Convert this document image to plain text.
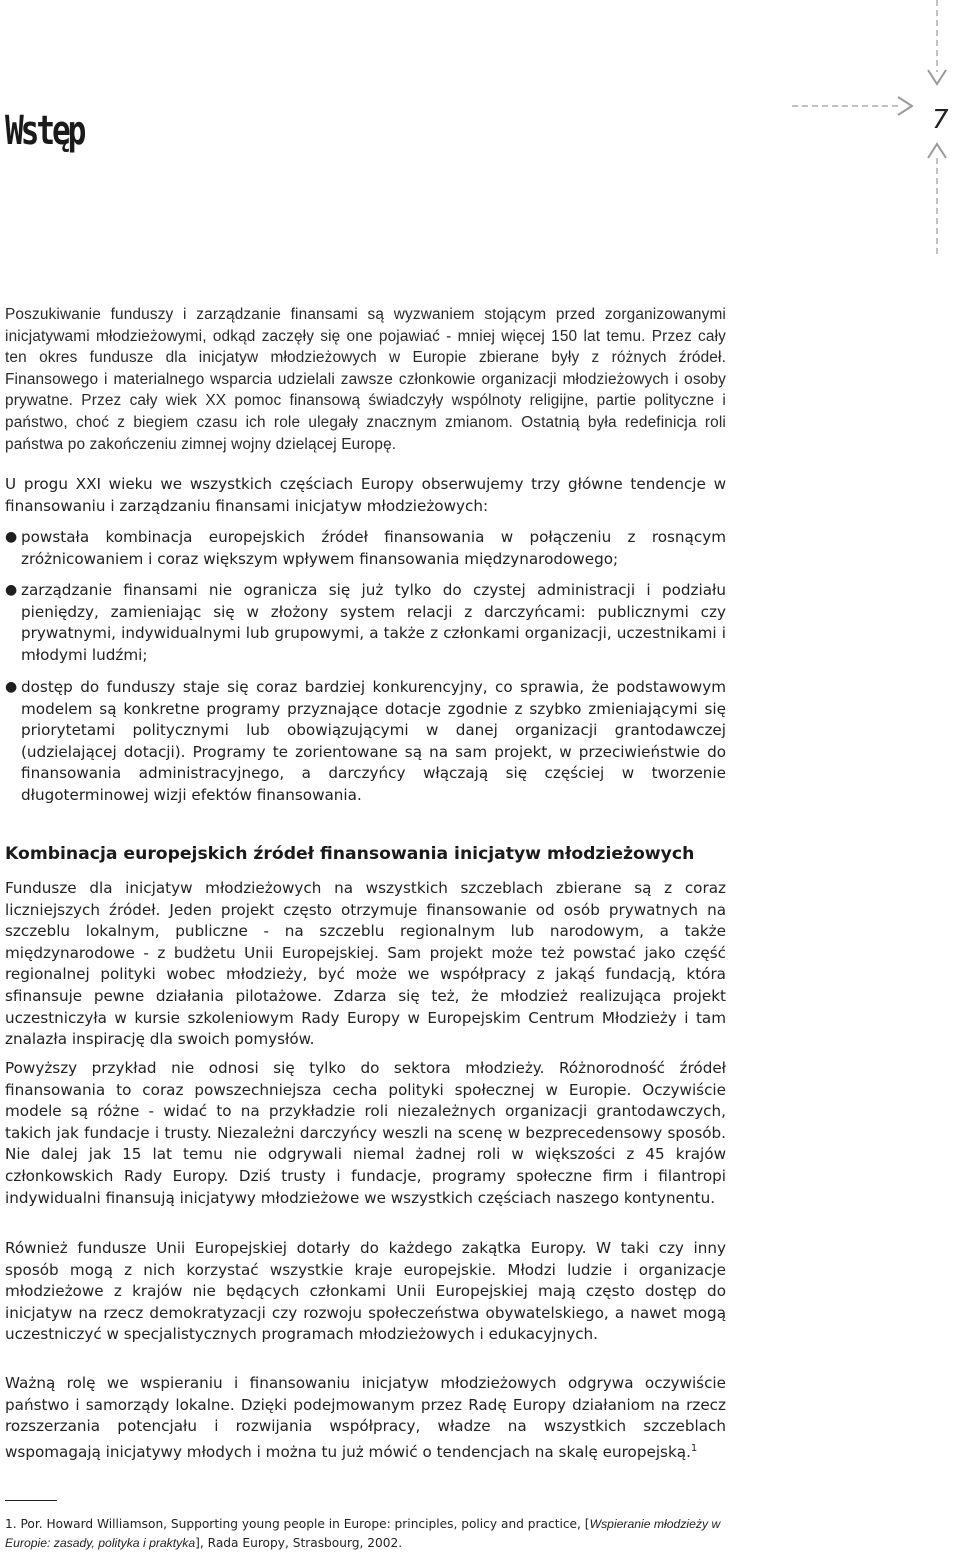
Wstęp	7

Poszukiwanie funduszy i zarządzanie finansami są wyzwaniem stojącym przed zorganizowanymi inicjatywami młodzieżowymi, odkąd zaczęły się one pojawiać - mniej więcej 150 lat temu. Przez cały ten okres fundusze dla inicjatyw młodzieżowych w Europie zbierane były z różnych źródeł. Finansowego i materialnego wsparcia udzielali zawsze członkowie organizacji młodzieżowych i osoby prywatne. Przez cały wiek XX pomoc finansową świadczyły wspólnoty religijne, partie polityczne i państwo, choć z biegiem czasu ich role ulegały znacznym zmianom. Ostatnią była redefinicja roli państwa po zakończeniu zimnej wojny dzielącej Europę.

U progu XXI wieku we wszystkich częściach Europy obserwujemy trzy główne tendencje w finansowaniu i zarządzaniu finansami inicjatyw młodzieżowych:

● powstała kombinacja europejskich źródeł finansowania w połączeniu z rosnącym zróżnicowaniem i coraz większym wpływem finansowania międzynarodowego;
● zarządzanie finansami nie ogranicza się już tylko do czystej administracji i podziału pieniędzy, zamieniając się w złożony system relacji z darczyńcami: publicznymi czy prywatnymi, indywidualnymi lub grupowymi, a także z członkami organizacji, uczestnikami i młodymi ludźmi;
● dostęp do funduszy staje się coraz bardziej konkurencyjny, co sprawia, że podstawowym modelem są konkretne programy przyznające dotacje zgodnie z szybko zmieniającymi się priorytetami politycznymi lub obowiązującymi w danej organizacji grantodawczej (udzielającej dotacji). Programy te zorientowane są na sam projekt, w przeciwieństwie do finansowania administracyjnego, a darczyńcy włączają się częściej w tworzenie długoterminowej wizji efektów finansowania.
Kombinacja europejskich źródeł finansowania inicjatyw młodzieżowych

Fundusze dla inicjatyw młodzieżowych na wszystkich szczeblach zbierane są z coraz liczniejszych źródeł. Jeden projekt często otrzymuje finansowanie od osób prywatnych na szczeblu lokalnym, publiczne - na szczeblu regionalnym lub narodowym, a także międzynarodowe - z budżetu Unii Europejskiej. Sam projekt może też powstać jako część regionalnej polityki wobec młodzieży, być może we współpracy z jakąś fundacją, która sfinansuje pewne działania pilotażowe. Zdarza się też, że młodzież realizująca projekt uczestniczyła w kursie szkoleniowym Rady Europy w Europejskim Centrum Młodzieży i tam znalazła inspirację dla swoich pomysłów.

Powyższy przykład nie odnosi się tylko do sektora młodzieży. Różnorodność źródeł finansowania to coraz powszechniejsza cecha polityki społecznej w Europie. Oczywiście modele są różne - widać to na przykładzie roli niezależnych organizacji grantodawczych, takich jak fundacje i trusty. Niezależni darczyńcy weszli na scenę w bezprecedensowy sposób. Nie dalej jak 15 lat temu nie odgrywali niemal żadnej roli w większości z 45 krajów członkowskich Rady Europy. Dziś trusty i fundacje, programy społeczne firm i filantropi indywidualni finansują inicjatywy młodzieżowe we wszystkich częściach naszego kontynentu.

Również fundusze Unii Europejskiej dotarły do każdego zakątka Europy. W taki czy inny sposób mogą z nich korzystać wszystkie kraje europejskie. Młodzi ludzie i organizacje młodzieżowe z krajów nie będących członkami Unii Europejskiej mają często dostęp do inicjatyw na rzecz demokratyzacji czy rozwoju społeczeństwa obywatelskiego, a nawet mogą uczestniczyć w specjalistycznych programach młodzieżowych i edukacyjnych.

Ważną rolę we wspieraniu i finansowaniu inicjatyw młodzieżowych odgrywa oczywiście państwo i samorządy lokalne. Dzięki podejmowanym przez Radę Europy działaniom na rzecz rozszerzania potencjału i rozwijania współpracy, władze na wszystkich szczeblach wspomagają inicjatywy młodych i można tu już mówić o tendencjach na skalę europejską.$^1$

1. Por. Howard Williamson, Supporting young people in Europe: principles, policy and practice, [Wspieranie młodzieży w Europie: zasady, polityka i praktyka], Rada Europy, Strasbourg, 2002.
